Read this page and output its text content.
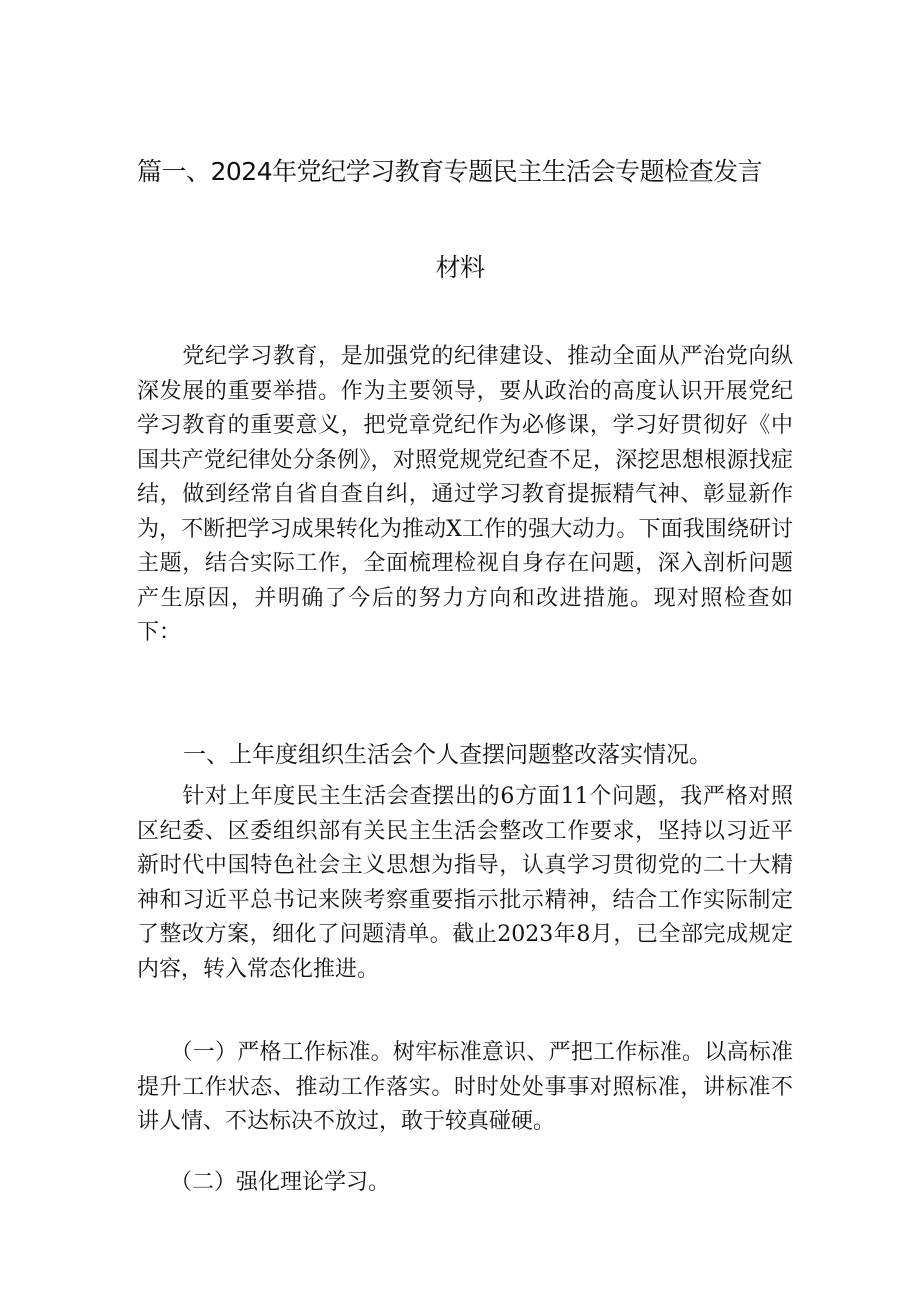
篇一、2024年党纪学习教育专题民主生活会专题检查发言
材料
　　党纪学习教育，是加强党的纪律建设、推动全面从严治党向纵深发展的重要举措。作为主要领导，要从政治的高度认识开展党纪学习教育的重要意义，把党章党纪作为必修课，学习好贯彻好《中国共产党纪律处分条例》，对照党规党纪查不足，深挖思想根源找症结，做到经常自省自查自纠，通过学习教育提振精气神、彰显新作为，不断把学习成果转化为推动X工作的强大动力。下面我围绕研讨主题，结合实际工作，全面梳理检视自身存在问题，深入剖析问题产生原因，并明确了今后的努力方向和改进措施。现对照检查如下：
　　一、上年度组织生活会个人查摆问题整改落实情况。
　　针对上年度民主生活会查摆出的6方面11个问题，我严格对照区纪委、区委组织部有关民主生活会整改工作要求，坚持以习近平新时代中国特色社会主义思想为指导，认真学习贯彻党的二十大精神和习近平总书记来陕考察重要指示批示精神，结合工作实际制定了整改方案，细化了问题清单。截止2023年8月，已全部完成规定内容，转入常态化推进。
　　（一）严格工作标准。树牢标准意识、严把工作标准。以高标准提升工作状态、推动工作落实。时时处处事事对照标准，讲标准不讲人情、不达标决不放过，敢于较真碰硬。
　　（二）强化理论学习。
